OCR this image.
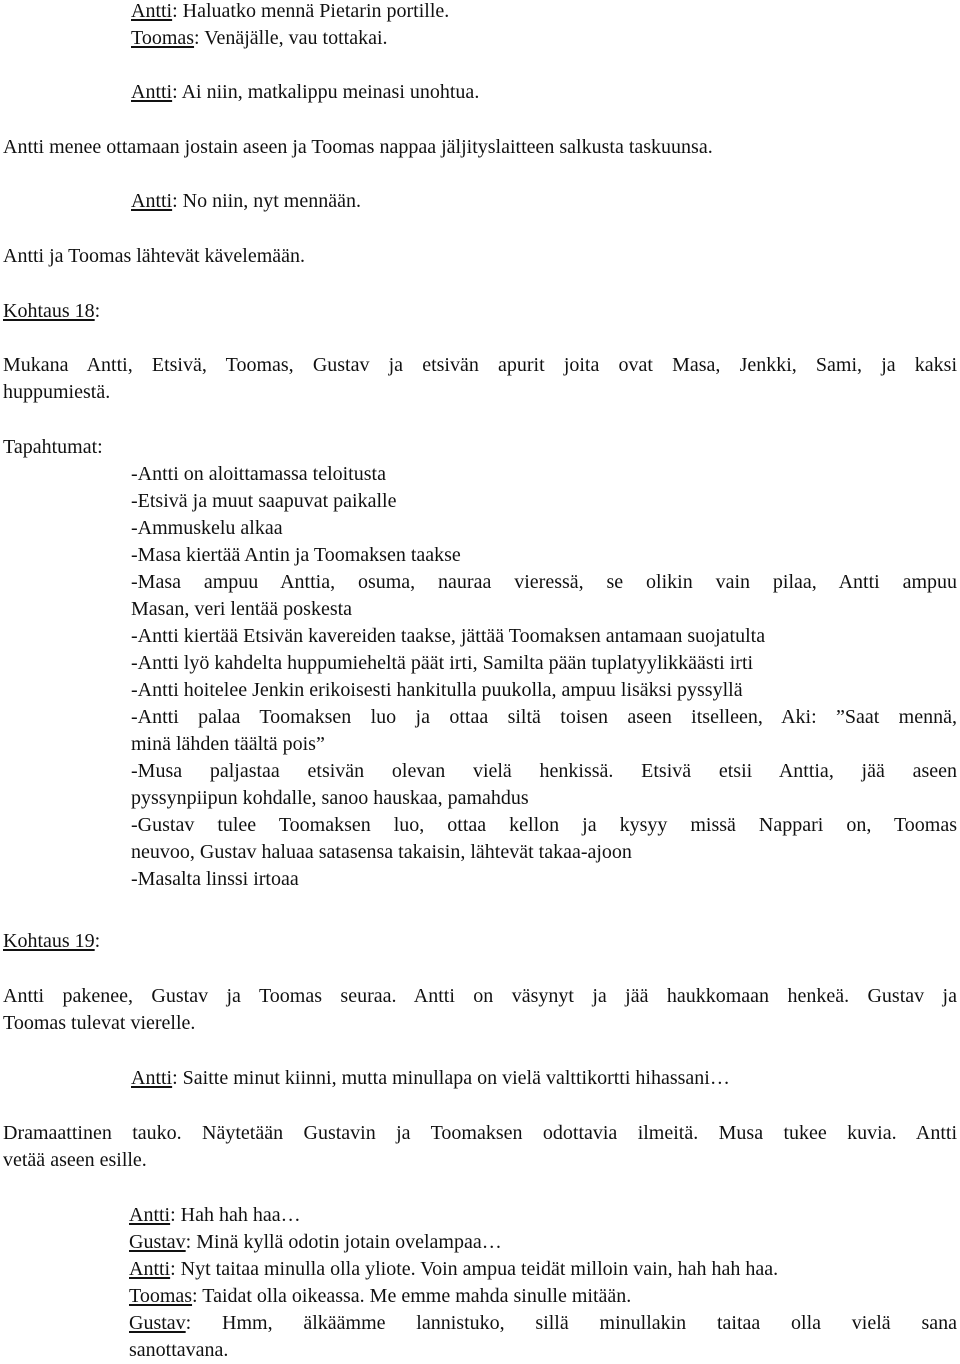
Antti: Haluatko mennä Pietarin portille.
Toomas: Venäjälle, vau tottakai.
Antti: Ai niin, matkalippu meinasi unohtua.
Antti menee ottamaan jostain aseen ja Toomas nappaa jäljityslaitteen salkusta taskuunsa.
Antti: No niin, nyt mennään.
Antti ja Toomas lähtevät kävelemään.
Kohtaus 18:
Mukana Antti, Etsivä, Toomas, Gustav ja etsivän apurit joita ovat Masa, Jenkki, Sami, ja kaksi
huppumiestä.
Tapahtumat:
-Antti on aloittamassa teloitusta
-Etsivä ja muut saapuvat paikalle
-Ammuskelu alkaa
-Masa kiertää Antin ja Toomaksen taakse
-Masa ampuu Anttia, osuma, nauraa vieressä, se olikin vain pilaa, Antti ampuu
Masan, veri lentää poskesta
-Antti kiertää Etsivän kavereiden taakse, jättää Toomaksen antamaan suojatulta
-Antti lyö kahdelta huppumieheltä päät irti, Samilta pään tuplatyylikkäästi irti
-Antti hoitelee Jenkin erikoisesti hankitulla puukolla, ampuu lisäksi pyssyllä
-Antti palaa Toomaksen luo ja ottaa siltä toisen aseen itselleen, Aki: ”Saat mennä,
minä lähden täältä pois”
-Musa paljastaa etsivän olevan vielä henkissä. Etsivä etsii Anttia, jää aseen
pyssynpiipun kohdalle, sanoo hauskaa, pamahdus
-Gustav tulee Toomaksen luo, ottaa kellon ja kysyy missä Nappari on, Toomas
neuvoo, Gustav haluaa satasensa takaisin, lähtevät takaa-ajoon
-Masalta linssi irtoaa
Kohtaus 19:
Antti pakenee, Gustav ja Toomas seuraa. Antti on väsynyt ja jää haukkomaan henkeä. Gustav ja
Toomas tulevat vierelle.
Antti: Saitte minut kiinni, mutta minullapa on vielä valttikortti hihassani…
Dramaattinen tauko. Näytetään Gustavin ja Toomaksen odottavia ilmeitä. Musa tukee kuvia. Antti
vetää aseen esille.
Antti: Hah hah haa…
Gustav: Minä kyllä odotin jotain ovelampaa…
Antti: Nyt taitaa minulla olla yliote. Voin ampua teidät milloin vain, hah hah haa.
Toomas: Taidat olla oikeassa. Me emme mahda sinulle mitään.
Gustav: Hmm, älkäämme lannistuko, sillä minullakin taitaa olla vielä sana
sanottavana.
